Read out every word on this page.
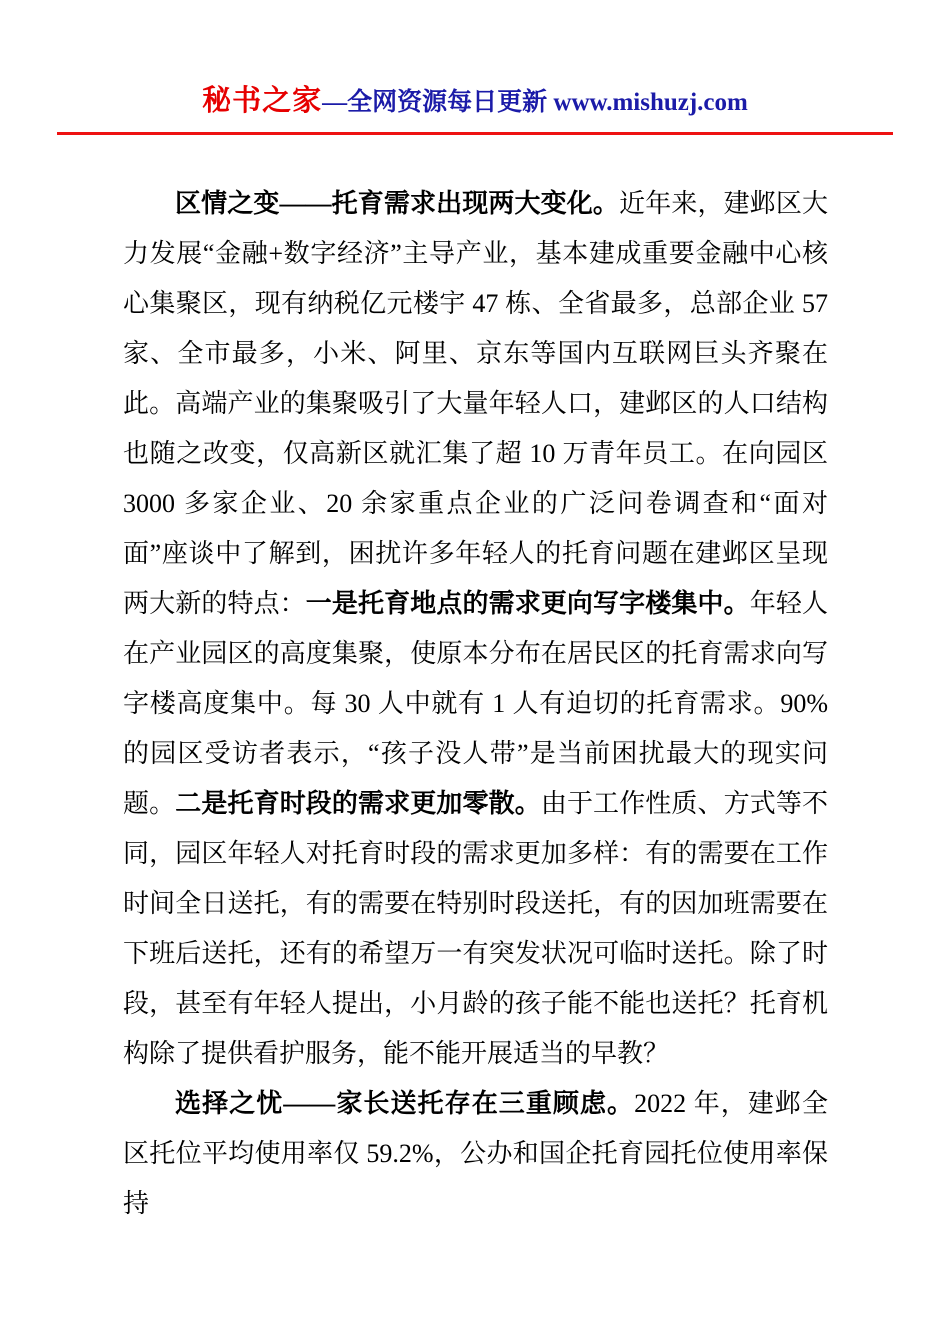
秘书之家—全网资源每日更新 www.mishuzj.com

区情之变——托育需求出现两大变化。近年来，建邺区大力发展“金融+数字经济”主导产业，基本建成重要金融中心核心集聚区，现有纳税亿元楼宇 47 栋、全省最多，总部企业 57 家、全市最多，小米、阿里、京东等国内互联网巨头齐聚在此。高端产业的集聚吸引了大量年轻人口，建邺区的人口结构也随之改变，仅高新区就汇集了超 10 万青年员工。在向园区 3000 多家企业、20 余家重点企业的广泛问卷调查和“面对面”座谈中了解到，困扰许多年轻人的托育问题在建邺区呈现两大新的特点：一是托育地点的需求更向写字楼集中。年轻人在产业园区的高度集聚，使原本分布在居民区的托育需求向写字楼高度集中。每 30 人中就有 1 人有迫切的托育需求。90%的园区受访者表示，“孩子没人带”是当前困扰最大的现实问题。二是托育时段的需求更加零散。由于工作性质、方式等不同，园区年轻人对托育时段的需求更加多样：有的需要在工作时间全日送托，有的需要在特别时段送托，有的因加班需要在下班后送托，还有的希望万一有突发状况可临时送托。除了时段，甚至有年轻人提出，小月龄的孩子能不能也送托？托育机构除了提供看护服务，能不能开展适当的早教？

选择之忧——家长送托存在三重顾虑。2022 年，建邺全区托位平均使用率仅 59.2%，公办和国企托育园托位使用率保持
